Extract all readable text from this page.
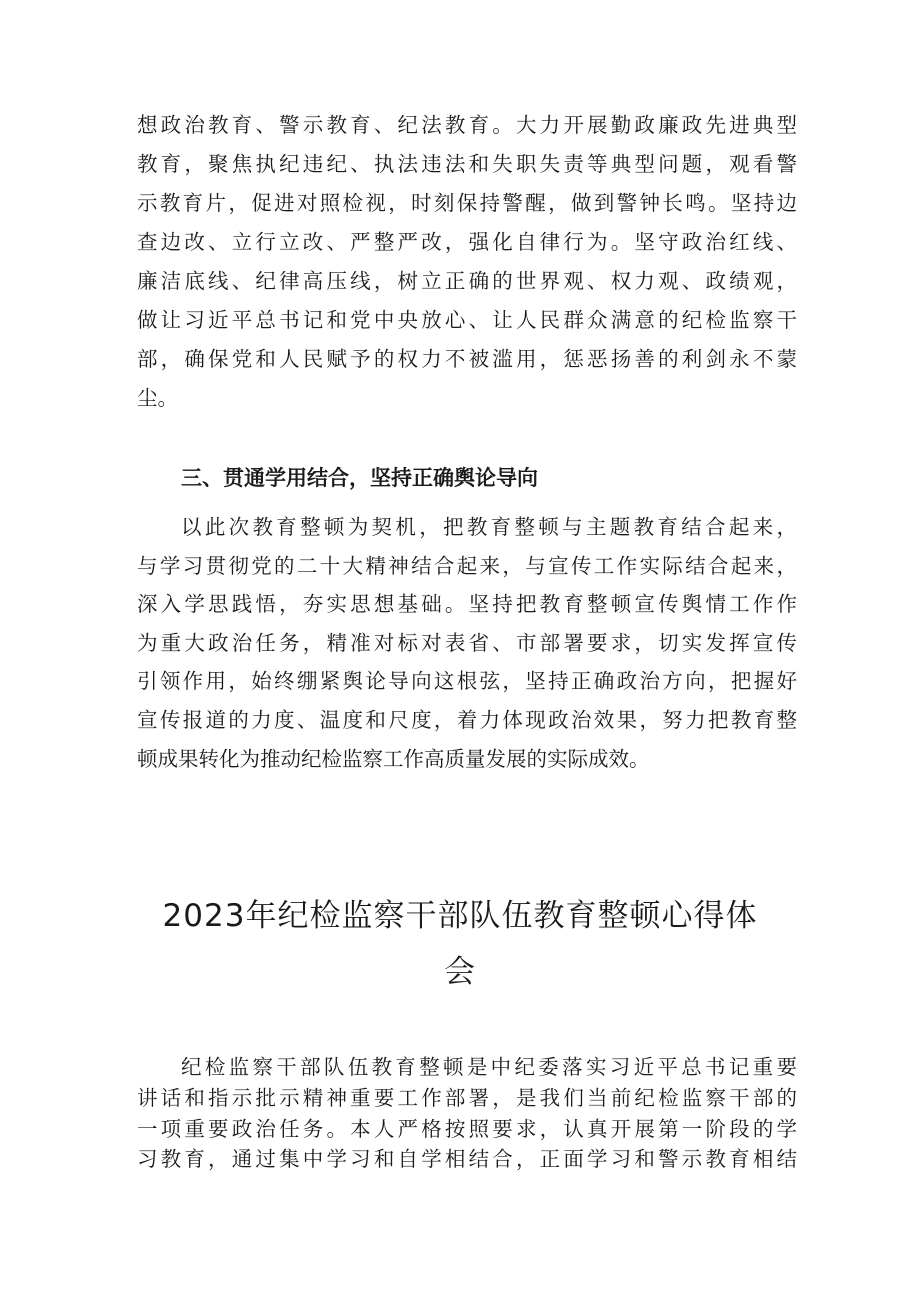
想政治教育、警示教育、纪法教育。大力开展勤政廉政先进典型
教育，聚焦执纪违纪、执法违法和失职失责等典型问题，观看警
示教育片，促进对照检视，时刻保持警醒，做到警钟长鸣。坚持边
查边改、立行立改、严整严改，强化自律行为。坚守政治红线、
廉洁底线、纪律高压线，树立正确的世界观、权力观、政绩观，
做让习近平总书记和党中央放心、让人民群众满意的纪检监察干
部，确保党和人民赋予的权力不被滥用，惩恶扬善的利剑永不蒙
尘。
三、贯通学用结合，坚持正确舆论导向
以此次教育整顿为契机，把教育整顿与主题教育结合起来，
与学习贯彻党的二十大精神结合起来，与宣传工作实际结合起来，
深入学思践悟，夯实思想基础。坚持把教育整顿宣传舆情工作作
为重大政治任务，精准对标对表省、市部署要求，切实发挥宣传
引领作用，始终绷紧舆论导向这根弦，坚持正确政治方向，把握好
宣传报道的力度、温度和尺度，着力体现政治效果，努力把教育整
顿成果转化为推动纪检监察工作高质量发展的实际成效。
2023年纪检监察干部队伍教育整顿心得体
会
纪检监察干部队伍教育整顿是中纪委落实习近平总书记重要
讲话和指示批示精神重要工作部署，是我们当前纪检监察干部的
一项重要政治任务。本人严格按照要求，认真开展第一阶段的学
习教育，通过集中学习和自学相结合，正面学习和警示教育相结
